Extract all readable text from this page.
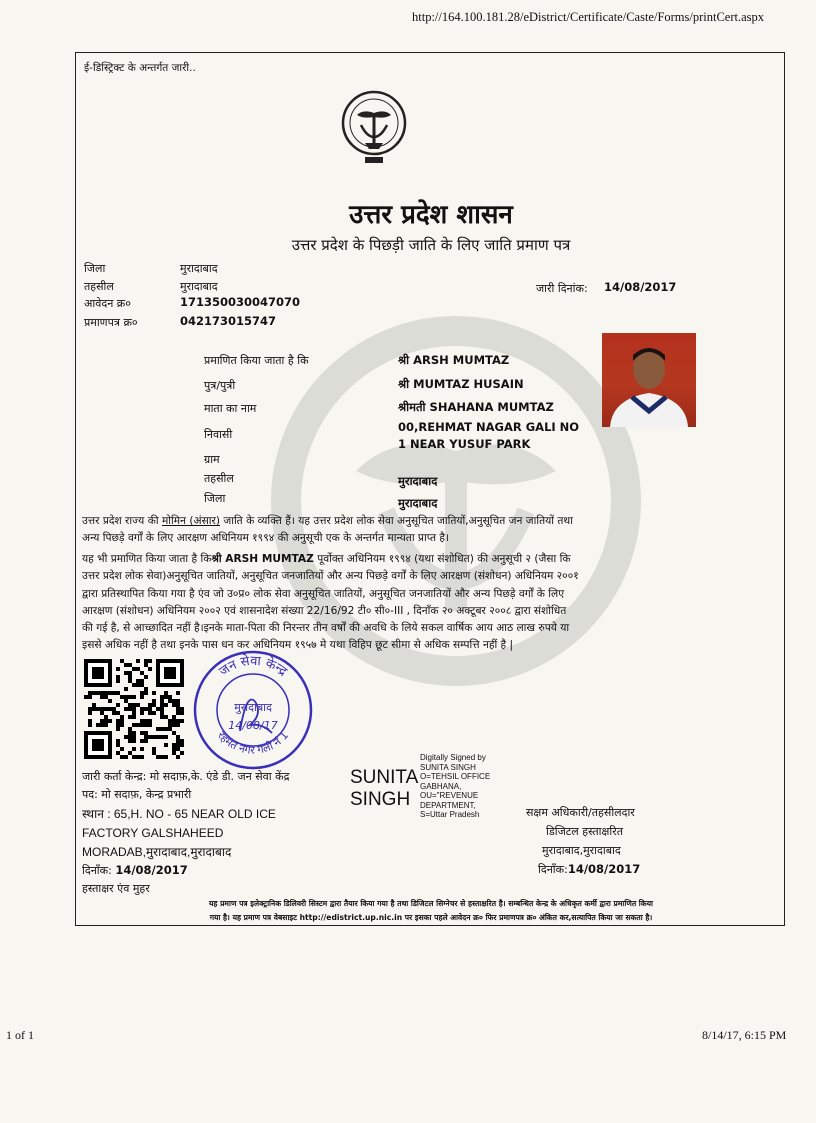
http://164.100.181.28/eDistrict/Certificate/Caste/Forms/printCert.aspx
1 of 1	8/14/17, 6:15 PM
ई-डिस्ट्रिक्ट के अन्तर्गत जारी..
उत्तर प्रदेश शासन
उत्तर प्रदेश के पिछड़ी जाति के लिए जाति प्रमाण पत्र
जिला	मुरादाबाद
तहसील	मुरादाबाद
आवेदन क्र०	171350030047070
प्रमाणपत्र क्र०	042173015747
जारी दिनांक: 14/08/2017
प्रमाणित किया जाता है कि	श्री ARSH MUMTAZ
पुत्र/पुत्री	श्री MUMTAZ HUSAIN
माता का नाम	श्रीमती SHAHANA MUMTAZ
निवासी
00,REHMAT NAGAR GALI NO
1 NEAR YUSUF PARK
ग्राम
तहसील	मुरादाबाद
जिला	मुरादाबाद
उत्तर प्रदेश राज्य की मोमिन (अंसार) जाति के व्यक्ति हैं। यह उत्तर प्रदेश लोक सेवा अनुसूचित जातियों,अनुसूचित जन जातियों तथा
अन्य पिछड़े वर्गों के लिए आरक्षण अधिनियम १९९४ की अनुसूची एक के अन्तर्गत मान्यता प्राप्त है।
यह भी प्रमाणित किया जाता है किश्री ARSH MUMTAZ पूर्वोक्त अधिनियम १९९४ (यथा संशोधित) की अनुसूची २ (जैसा कि
उत्तर प्रदेश लोक सेवा)अनुसूचित जातियों, अनुसूचित जनजातियों और अन्य पिछड़े वर्गों के लिए आरक्षण (संशोधन) अधिनियम २००१
द्वारा प्रतिस्थापित किया गया है एंव जो उ०प्र० लोक सेवा अनुसूचित जातियों, अनुसूचित जनजातियों और अन्य पिछड़े वर्गों के लिए
आरक्षण (संशोधन) अधिनियम २००२ एवं शासनादेश संख्या 22/16/92 टी० सी०-III , दिनाँक २० अक्टूबर २००८ द्वारा संशोधित
की गई है, से आच्छादित नहीं है।इनके माता-पिता की निरन्तर तीन वर्षों की अवधि के लिये सकल वार्षिक आय आठ लाख रुपये या
इससे अधिक नहीं है तथा इनके पास धन कर अधिनियम १९५७ मे यथा विहिप छूट सीमा से अधिक सम्पत्ति नहीं है |
जन सेवा केन्द्र
रहमत नगर गली नं 1
मुरादाबाद
14/08/17
जारी कर्ता केन्द्र: मो सदाफ़,के. एंडे डी. जन सेवा केंद्र
पद: मो सदाफ़, केन्द्र प्रभारी
स्थान : 65,H. NO - 65 NEAR OLD ICE
FACTORY GALSHAHEED
MORADAB,मुरादाबाद,मुरादाबाद
दिनाँक: 14/08/2017
हस्ताक्षर एंव मुहर
SUNITA
SINGH
Digitally Signed by
SUNITA SINGH
O=TEHSIL OFFICE
GABHANA,
OU="REVENUE
DEPARTMENT,
S=Uttar Pradesh	सक्षम अधिकारी/तहसीलदार
डिजिटल हस्ताक्षरित
मुरादाबाद,मुरादाबाद
दिनाँक:14/08/2017
यह प्रमाण पत्र इलेक्ट्रानिक डिलिवरी सिस्टम द्वारा तैयार किया गया है तथा डिजिटल सिग्नेचर से हस्ताक्षरित है। सम्बन्धित केन्द्र के अधिकृत कर्मी द्वारा प्रमाणित किया
गया है। यह प्रमाण पत्र वेबसाइट http://edistrict.up.nic.in पर इसका पहले आवेदन क्र० फिर प्रमाणपत्र क्र० अंकित कर,सत्यापित किया जा सकता है।
